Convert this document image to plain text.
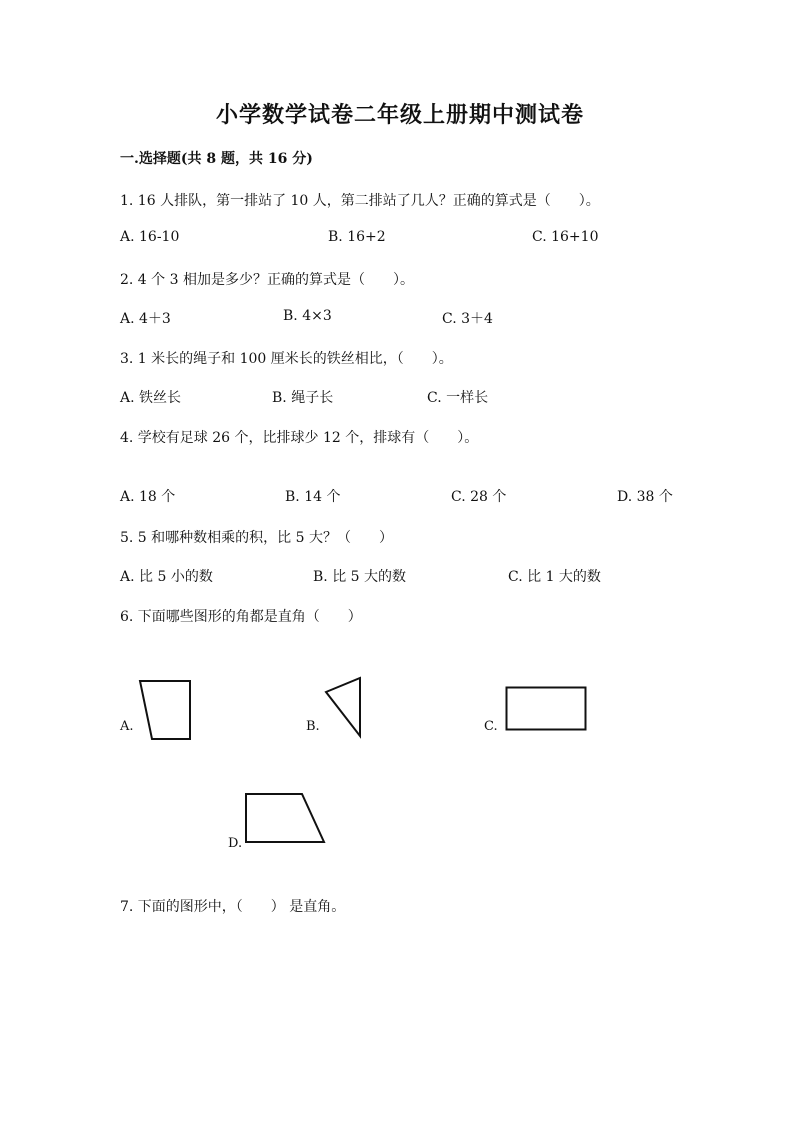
小学数学试卷二年级上册期中测试卷
一.选择题(共 8 题，共 16 分)
1. 16 人排队，第一排站了 10 人，第二排站了几人？正确的算式是（　　）。
A. 16-10	B. 16+2	C. 16+10
2. 4 个 3 相加是多少？正确的算式是（　　）。
A. 4＋3	B. 4×3	C. 3＋4
3. 1 米长的绳子和 100 厘米长的铁丝相比，（　　）。
A. 铁丝长	B. 绳子长	C. 一样长
4. 学校有足球 26 个，比排球少 12 个，排球有（　　）。
A. 18 个	B. 14 个	C. 28 个	D. 38 个
5. 5 和哪种数相乘的积，比 5 大？（　　）
A. 比 5 小的数	B. 比 5 大的数	C. 比 1 大的数
6. 下面哪些图形的角都是直角（　　）
A.	B.	C.
D.
7. 下面的图形中，（　　） 是直角。
